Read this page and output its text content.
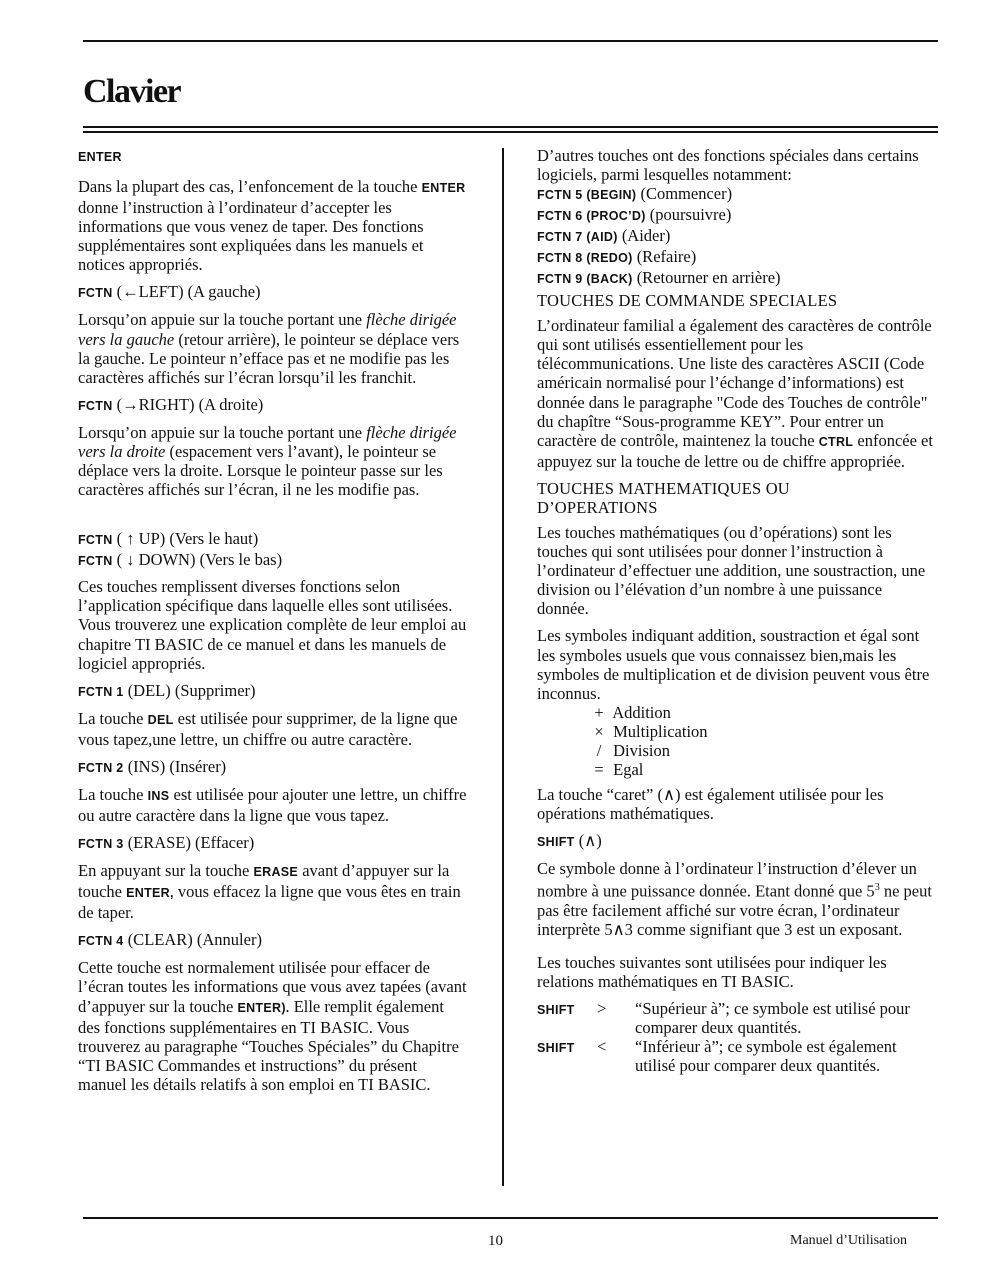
Clavier
ENTER

Dans la plupart des cas, l’enfoncement de la touche ENTER donne l’instruction à l’ordinateur d’accepter les informations que vous venez de taper. Des fonctions supplémentaires sont expliquées dans les manuels et notices appropriés.

FCTN (←LEFT) (A gauche)

Lorsqu’on appuie sur la touche portant une flèche dirigée vers la gauche (retour arrière), le pointeur se déplace vers la gauche. Le pointeur n’efface pas et ne modifie pas les caractères affichés sur l’écran lorsqu’il les franchit.

FCTN (→RIGHT) (A droite)

Lorsqu’on appuie sur la touche portant une flèche dirigée vers la droite (espacement vers l’avant), le pointeur se déplace vers la droite. Lorsque le pointeur passe sur les caractères affichés sur l’écran, il ne les modifie pas.

FCTN ( ↑ UP) (Vers le haut)
FCTN ( ↓ DOWN) (Vers le bas)

Ces touches remplissent diverses fonctions selon l’application spécifique dans laquelle elles sont utilisées. Vous trouverez une explication complète de leur emploi au chapitre TI BASIC de ce manuel et dans les manuels de logiciel appropriés.

FCTN 1 (DEL) (Supprimer)

La touche DEL est utilisée pour supprimer, de la ligne que vous tapez,une lettre, un chiffre ou autre caractère.

FCTN 2 (INS) (Insérer)

La touche INS est utilisée pour ajouter une lettre, un chiffre ou autre caractère dans la ligne que vous tapez.

FCTN 3 (ERASE) (Effacer)

En appuyant sur la touche ERASE avant d’appuyer sur la touche ENTER, vous effacez la ligne que vous êtes en train de taper.

FCTN 4 (CLEAR) (Annuler)

Cette touche est normalement utilisée pour effacer de l’écran toutes les informations que vous avez tapées (avant d’appuyer sur la touche ENTER). Elle remplit également des fonctions supplémentaires en TI BASIC. Vous trouverez au paragraphe “Touches Spéciales” du Chapitre “TI BASIC Commandes et instructions” du présent manuel les détails relatifs à son emploi en TI BASIC.

D’autres touches ont des fonctions spéciales dans certains logiciels, parmi lesquelles notamment:

FCTN 5 (BEGIN) (Commencer)
FCTN 6 (PROC’D) (poursuivre)
FCTN 7 (AID) (Aider)
FCTN 8 (REDO) (Refaire)
FCTN 9 (BACK) (Retourner en arrière)
TOUCHES DE COMMANDE SPECIALES

L’ordinateur familial a également des caractères de contrôle qui sont utilisés essentiellement pour les télécommunications. Une liste des caractères ASCII (Code américain normalisé pour l’échange d’informations) est donnée dans le paragraphe "Code des Touches de contrôle" du chapître “Sous-programme KEY”. Pour entrer un caractère de contrôle, maintenez la touche CTRL enfoncée et appuyez sur la touche de lettre ou de chiffre appropriée.

TOUCHES MATHEMATIQUES OU
D’OPERATIONS

Les touches mathématiques (ou d’opérations) sont les touches qui sont utilisées pour donner l’instruction à l’ordinateur d’effectuer une addition, une soustraction, une division ou l’élévation d’un nombre à une puissance donnée.

Les symboles indiquant addition, soustraction et égal sont les symboles usuels que vous connaissez bien,mais les symboles de multiplication et de division peuvent vous être inconnus.

+ Addition
× Multiplication
/ Division
= Egal

La touche “caret” (∧) est également utilisée pour les opérations mathématiques.

SHIFT (∧)

Ce symbole donne à l’ordinateur l’instruction d’élever un nombre à une puissance donnée. Etant donné que $5^3$ ne peut pas être facilement affiché sur votre écran, l’ordinateur interprète 5∧3 comme signifiant que 3 est un exposant.

Les touches suivantes sont utilisées pour indiquer les relations mathématiques en TI BASIC.

SHIFT	>	“Supérieur à”; ce symbole est utilisé pour comparer deux quantités.
SHIFT	<	“Inférieur à”; ce symbole est également utilisé pour comparer deux quantités.
10	Manuel d’Utilisation
